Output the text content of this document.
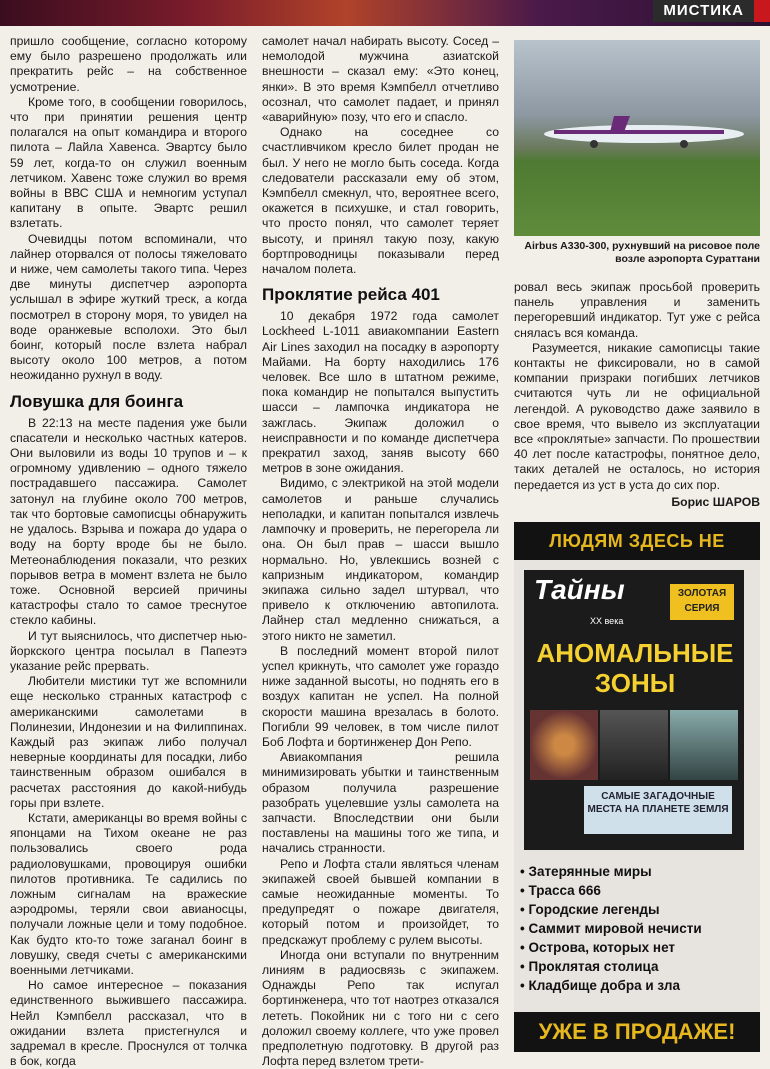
МИСТИКА

пришло сообщение, согласно которому ему было разрешено продолжать или прекратить рейс – на собственное усмотрение.

Кроме того, в сообщении говорилось, что при принятии решения центр полагался на опыт командира и второго пилота – Лайла Хавенса. Эвартсу было 59 лет, когда-то он служил военным летчиком. Хавенс тоже служил во время войны в ВВС США и немногим уступал капитану в опыте. Эвартс решил взлетать.

Очевидцы потом вспоминали, что лайнер оторвался от полосы тяжеловато и ниже, чем самолеты такого типа. Через две минуты диспетчер аэропорта услышал в эфире жуткий треск, а когда посмотрел в сторону моря, то увидел на воде оранжевые всполохи. Это был боинг, который после взлета набрал высоту около 100 метров, а потом неожиданно рухнул в воду.

Ловушка для боинга

В 22:13 на месте падения уже были спасатели и несколько частных катеров. Они выловили из воды 10 трупов и – к огромному удивлению – одного тяжело пострадавшего пассажира. Самолет затонул на глубине около 700 метров, так что бортовые самописцы обнаружить не удалось. Взрыва и пожара до удара о воду на борту вроде бы не было. Метеонаблюдения показали, что резких порывов ветра в момент взлета не было тоже. Основной версией причины катастрофы стало то самое треснутое стекло кабины.

И тут выяснилось, что диспетчер нью-йоркского центра посылал в Папеэтэ указание рейс прервать.

Любители мистики тут же вспомнили еще несколько странных катастроф с американскими самолетами в Полинезии, Индонезии и на Филиппинах. Каждый раз экипаж либо получал неверные координаты для посадки, либо таинственным образом ошибался в расчетах расстояния до какой-нибудь горы при взлете.

Кстати, американцы во время войны с японцами на Тихом океане не раз пользовались своего рода радиоловушками, провоцируя ошибки пилотов противника. Те садились по ложным сигналам на вражеские аэродромы, теряли свои авианосцы, получали ложные цели и тому подобное. Как будто кто-то тоже заганал боинг в ловушку, сведя счеты с американскими военными летчиками.

Но самое интересное – показания единственного выжившего пассажира. Нейл Кэмпбелл рассказал, что в ожидании взлета пристегнулся и задремал в кресле. Проснулся от толчка в бок, когда

самолет начал набирать высоту. Сосед – немолодой мужчина азиатской внешности – сказал ему: «Это конец, янки». В это время Кэмпбелл отчетливо осознал, что самолет падает, и принял «аварийную» позу, что его и спасло.

Однако на соседнее со счастливчиком кресло билет продан не был. У него не могло быть соседа. Когда следователи рассказали ему об этом, Кэмпбелл смекнул, что, вероятнее всего, окажется в психушке, и стал говорить, что просто понял, что самолет теряет высоту, и принял такую позу, какую бортпроводницы показывали перед началом полета.

Проклятие рейса 401

10 декабря 1972 года самолет Lockheed L-1011 авиакомпании Eastern Air Lines заходил на посадку в аэропорту Майами. На борту находились 176 человек. Все шло в штатном режиме, пока командир не попытался выпустить шасси – лампочка индикатора не зажглась. Экипаж доложил о неисправности и по команде диспетчера прекратил заход, заняв высоту 660 метров в зоне ожидания.

Видимо, с электрикой на этой модели самолетов и раньше случались неполадки, и капитан попытался извлечь лампочку и проверить, не перегорела ли она. Он был прав – шасси вышло нормально. Но, увлекшись возней с капризным индикатором, командир экипажа сильно задел штурвал, что привело к отключению автопилота. Лайнер стал медленно снижаться, а этого никто не заметил.

В последний момент второй пилот успел крикнуть, что самолет уже гораздо ниже заданной высоты, но поднять его в воздух капитан не успел. На полной скорости машина врезалась в болото. Погибли 99 человек, в том числе пилот Боб Лофта и бортинженер Дон Репо.

Авиакомпания решила минимизировать убытки и таинственным образом получила разрешение разобрать уцелевшие узлы самолета на запчасти. Впоследствии они были поставлены на машины того же типа, и начались странности.

Репо и Лофта стали являться членам экипажей своей бывшей компании в самые неожиданные моменты. То предупредят о пожаре двигателя, который потом и произойдет, то предскажут проблему с рулем высоты.

Иногда они вступали по внутренним линиям в радиосвязь с экипажем. Однажды Репо так испугал бортинженера, что тот наотрез отказался лететь. Покойник ни с того ни с сего доложил своему коллеге, что уже провел предполетную подготовку. В другой раз Лофта перед взлетом трети-

Airbus A330-300, рухнувший на рисовое поле возле аэропорта Сураттани

ровал весь экипаж просьбой проверить панель управления и заменить перегоревший индикатор. Тут уже с рейса сняласъ вся команда.

Разумеется, никакие самописцы такие контакты не фиксировали, но в самой компании призраки погибших летчиков считаются чуть ли не официальной легендой. А руководство даже заявило в свое время, что вывело из эксплуатации все «проклятые» запчасти. По прошествии 40 лет после катастрофы, понятное дело, таких деталей не осталось, но история передается из уст в уста до сих пор.

Борис ШАРОВ
ЛЮДЯМ ЗДЕСЬ НЕ
Тайны
XX века
ЗОЛОТАЯ СЕРИЯ
АНОМАЛЬНЫЕ ЗОНЫ
САМЫЕ ЗАГАДОЧНЫЕ МЕСТА НА ПЛАНЕТЕ ЗЕМЛЯ
• Затерянные миры
• Трасса 666
• Городские легенды
• Саммит мировой нечисти
• Острова, которых нет
• Проклятая столица
• Кладбище добра и зла
УЖЕ В ПРОДАЖЕ!
